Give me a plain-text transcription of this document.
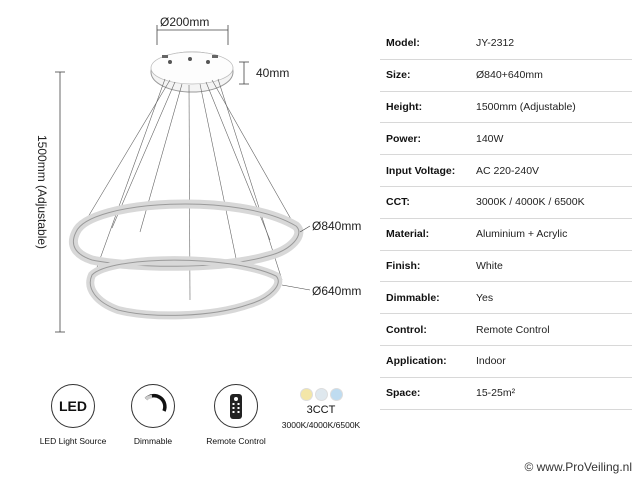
Ø200mm
40mm
1500mm (Adjustable)	Ø840mm
Ø640mm
Model:	JY-2312
Size:	Ø840+640mm
Height:	1500mm (Adjustable)
Power:	140W
Input Voltage:	AC 220-240V
CCT:	3000K / 4000K / 6500K
Material:	Aluminium + Acrylic
Finish:	White
Dimmable:	Yes
Control:	Remote Control
Application:	Indoor
Space:	15-25m²
LED
LED Light Source	Dimmable	Remote Control
3CCT
3000K/4000K/6500K
© www.ProVeiling.nl
